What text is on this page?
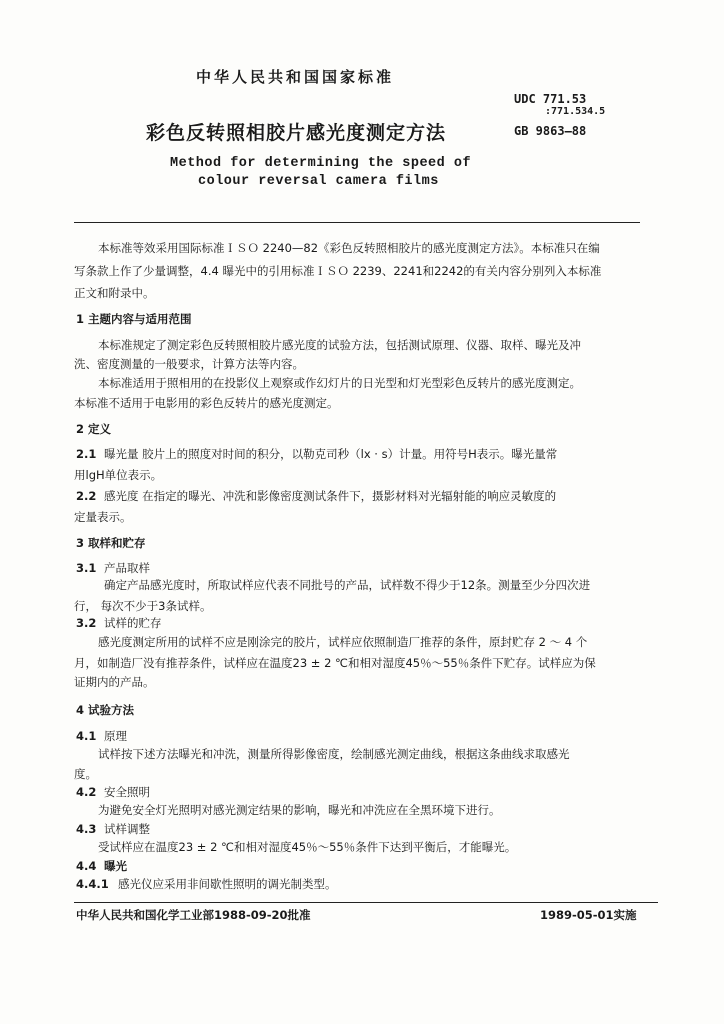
中华人民共和国国家标准
UDC 771.53
:771.534.5
彩色反转照相胶片感光度测定方法	GB 9863—88
Method for determining the speed of
colour reversal camera films
本标准等效采用国际标准ＩＳＯ 2240—82《彩色反转照相胶片的感光度测定方法》。本标准只在编
写条款上作了少量调整，4.4 曝光中的引用标准ＩＳＯ 2239、2241和2242的有关内容分别列入本标准
正文和附录中。
1 主题内容与适用范围
本标准规定了测定彩色反转照相胶片感光度的试验方法，包括测试原理、仪器、取样、曝光及冲
洗、密度测量的一般要求，计算方法等内容。
本标准适用于照相用的在投影仪上观察或作幻灯片的日光型和灯光型彩色反转片的感光度测定。
本标准不适用于电影用的彩色反转片的感光度测定。
2 定义
2.1 曝光量 胶片上的照度对时间的积分，以勒克司秒（lx · s）计量。用符号H表示。曝光量常
用lgH单位表示。
2.2 感光度 在指定的曝光、冲洗和影像密度测试条件下，摄影材料对光辐射能的响应灵敏度的
定量表示。
3 取样和贮存
3.1 产品取样
确定产品感光度时，所取试样应代表不同批号的产品，试样数不得少于12条。测量至少分四次进
行， 每次不少于3条试样。
3.2 试样的贮存
感光度测定所用的试样不应是刚涂完的胶片，试样应依照制造厂推荐的条件，原封贮存 2 ～ 4 个
月，如制造厂没有推荐条件，试样应在温度23 ± 2 ℃和相对湿度45％～55％条件下贮存。试样应为保
证期内的产品。
4 试验方法
4.1 原理
试样按下述方法曝光和冲洗，测量所得影像密度，绘制感光测定曲线，根据这条曲线求取感光
度。
4.2 安全照明
为避免安全灯光照明对感光测定结果的影响，曝光和冲洗应在全黑环境下进行。
4.3 试样调整
受试样应在温度23 ± 2 ℃和相对湿度45％～55％条件下达到平衡后，才能曝光。
4.4 曝光
4.4.1 感光仪应采用非间歇性照明的调光制类型。
中华人民共和国化学工业部1988-09-20批准	1989-05-01实施
